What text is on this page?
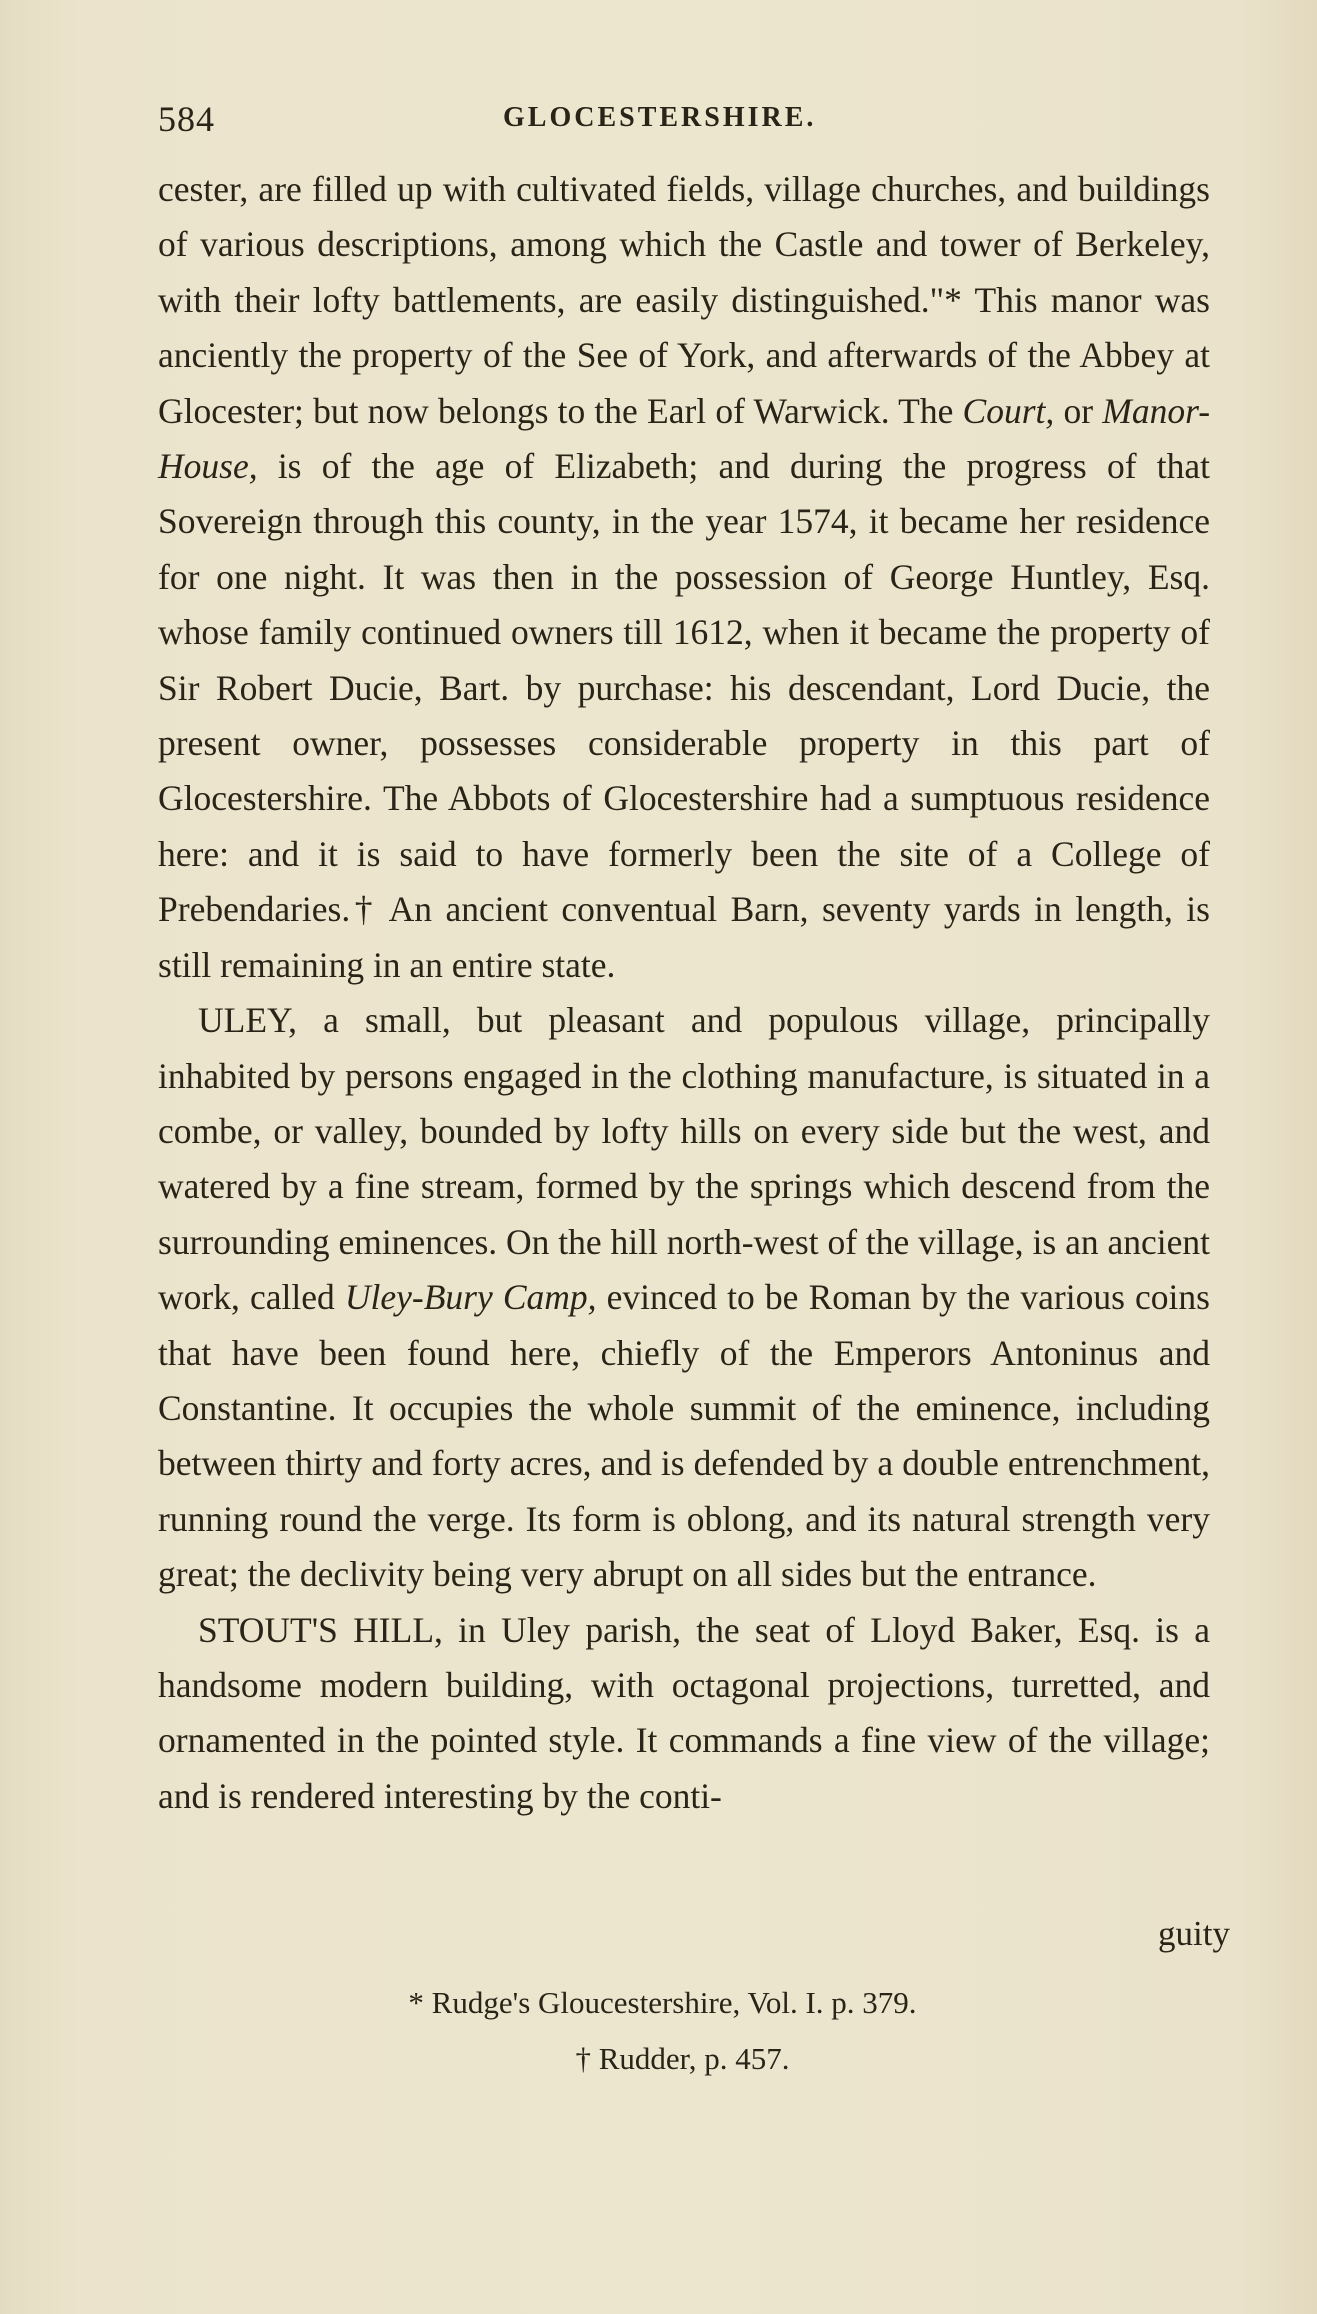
584	GLOCESTERSHIRE.

cester, are filled up with cultivated fields, village churches, and buildings of various descriptions, among which the Castle and tower of Berkeley, with their lofty battlements, are easily distinguished."* This manor was anciently the property of the See of York, and afterwards of the Abbey at Glocester; but now belongs to the Earl of Warwick. The Court, or Manor-House, is of the age of Elizabeth; and during the progress of that Sovereign through this county, in the year 1574, it became her residence for one night. It was then in the possession of George Huntley, Esq. whose family continued owners till 1612, when it became the property of Sir Robert Ducie, Bart. by purchase: his descendant, Lord Ducie, the present owner, possesses considerable property in this part of Glocestershire. The Abbots of Glocestershire had a sumptuous residence here: and it is said to have formerly been the site of a College of Prebendaries.† An ancient conventual Barn, seventy yards in length, is still remaining in an entire state.

ULEY, a small, but pleasant and populous village, principally inhabited by persons engaged in the clothing manufacture, is situated in a combe, or valley, bounded by lofty hills on every side but the west, and watered by a fine stream, formed by the springs which descend from the surrounding eminences. On the hill north-west of the village, is an ancient work, called Uley-Bury Camp, evinced to be Roman by the various coins that have been found here, chiefly of the Emperors Antoninus and Constantine. It occupies the whole summit of the eminence, including between thirty and forty acres, and is defended by a double entrenchment, running round the verge. Its form is oblong, and its natural strength very great; the declivity being very abrupt on all sides but the entrance.

STOUT'S HILL, in Uley parish, the seat of Lloyd Baker, Esq. is a handsome modern building, with octagonal projections, turretted, and ornamented in the pointed style. It commands a fine view of the village; and is rendered interesting by the conti-

guity

* Rudge's Gloucestershire, Vol. I. p. 379.

† Rudder, p. 457.
